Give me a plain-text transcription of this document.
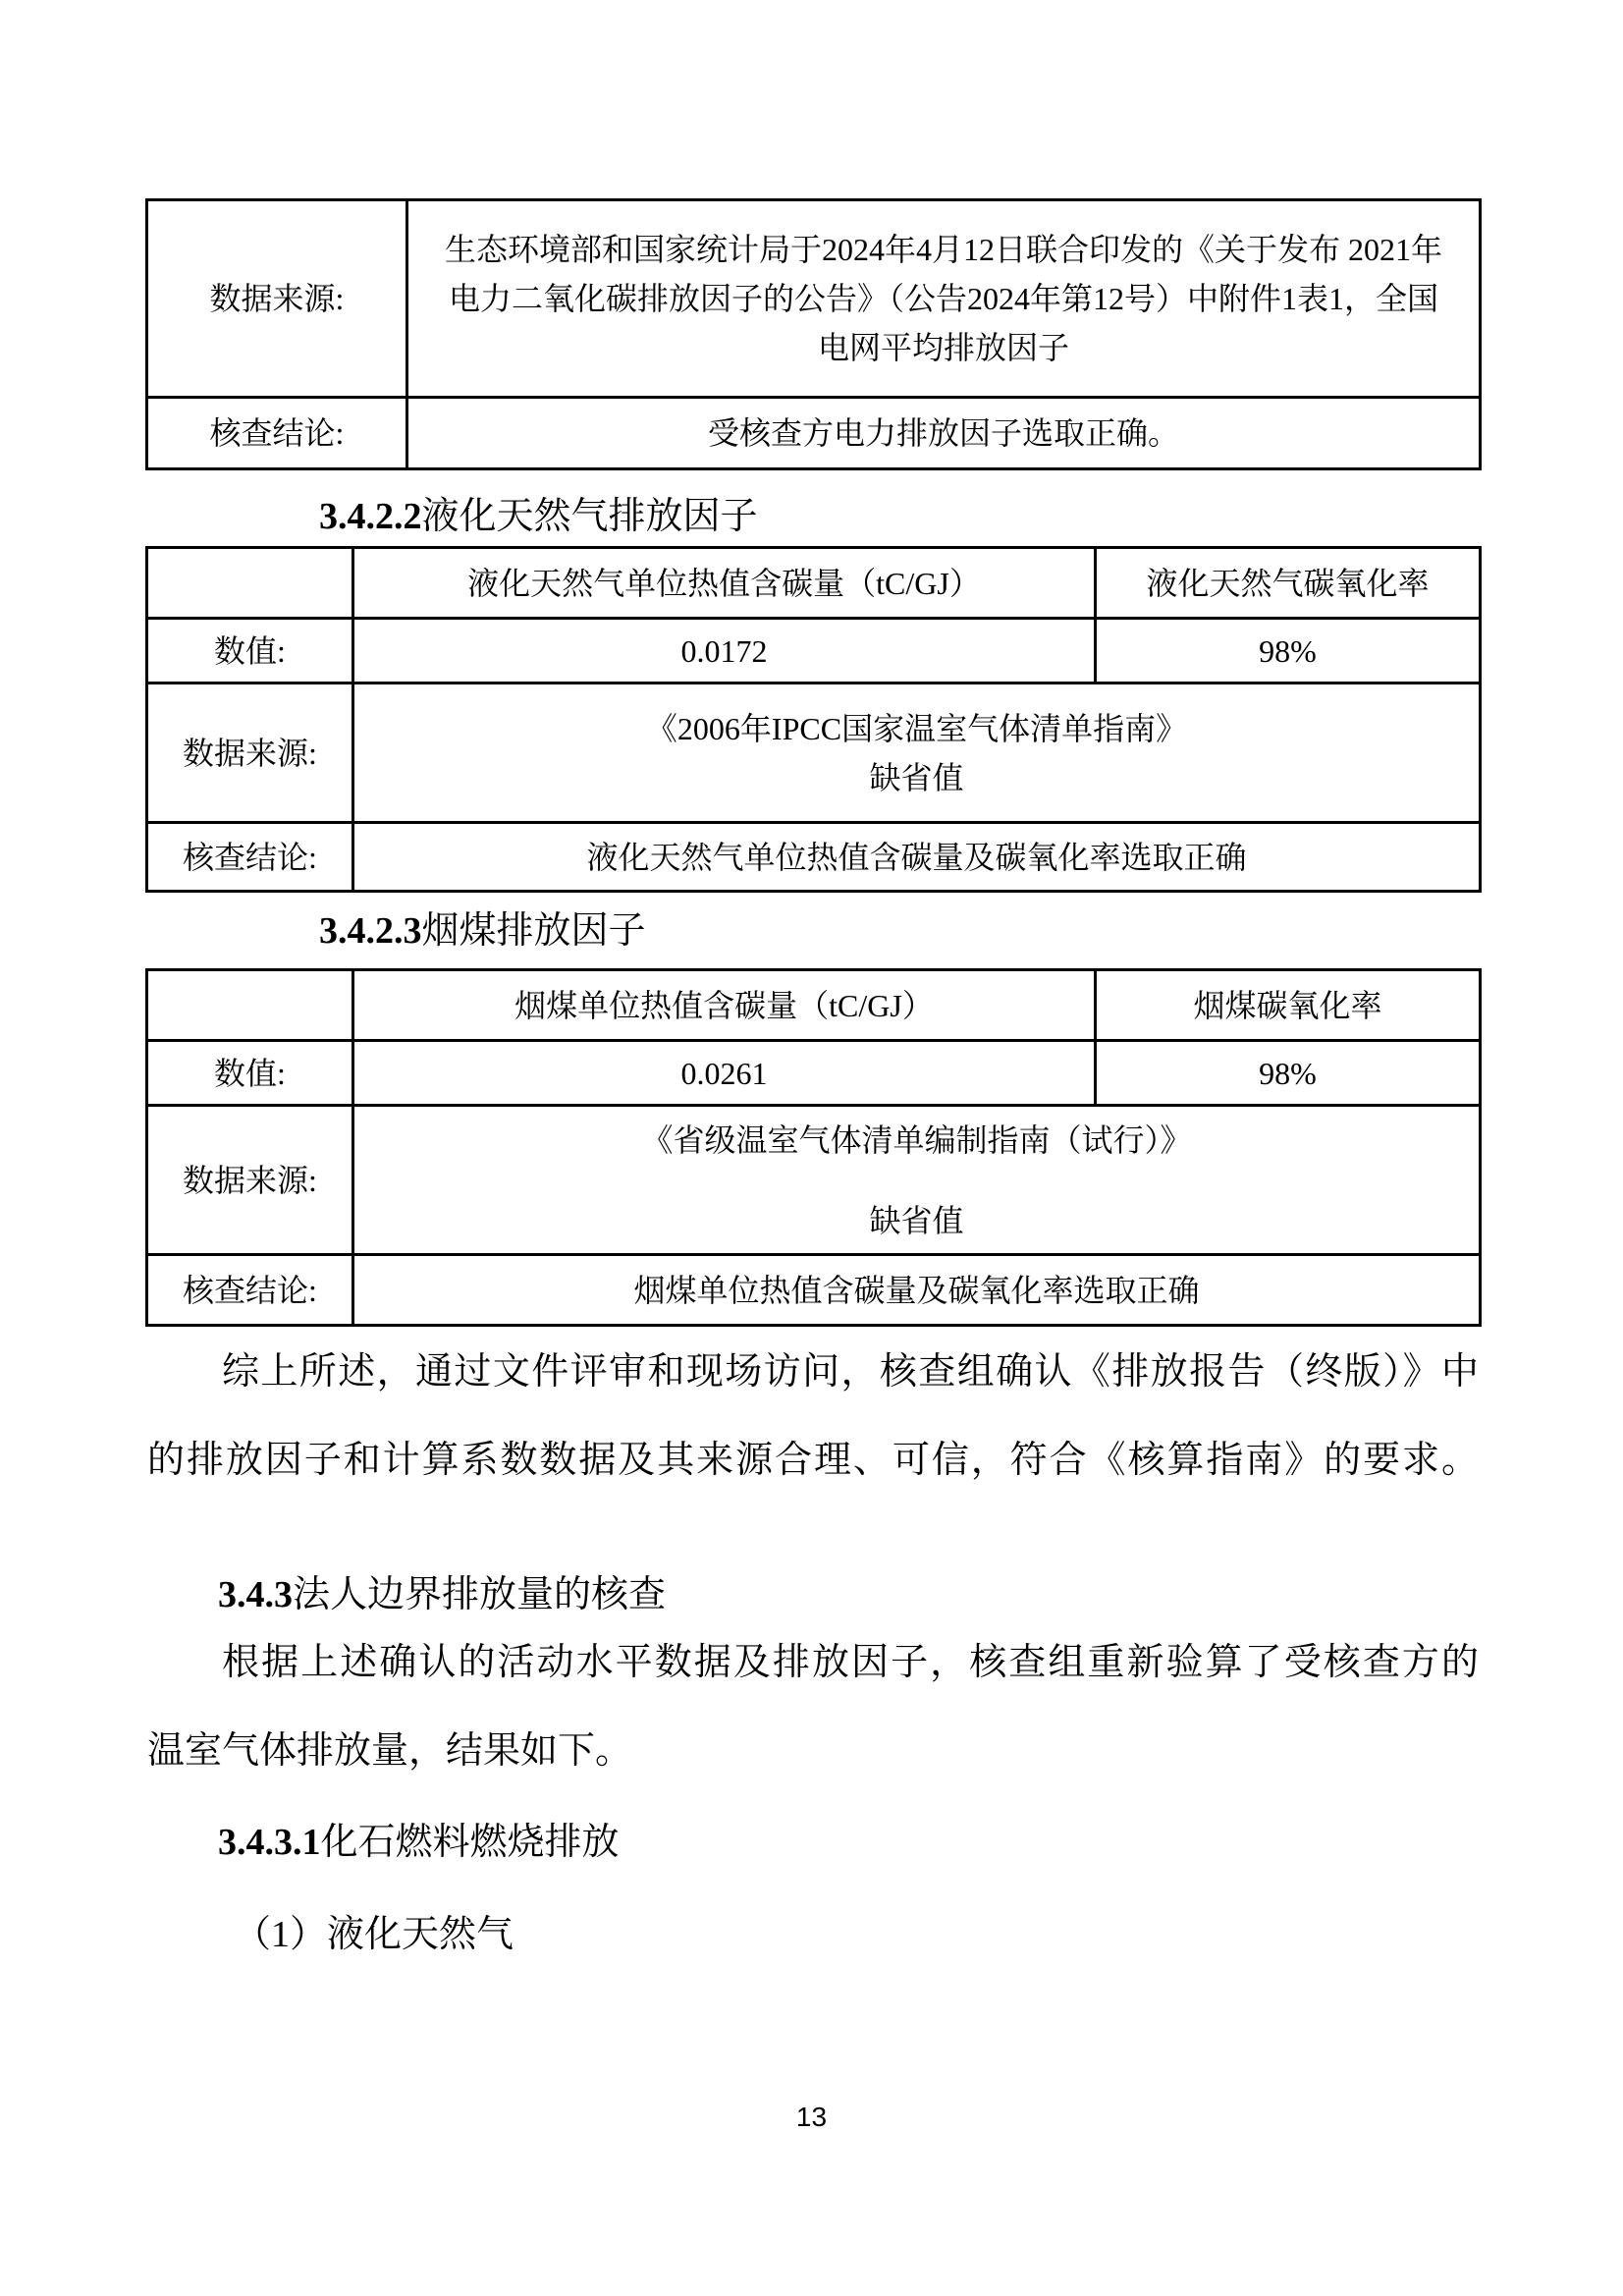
数据来源:	生态环境部和国家统计局于2024年4月12日联合印发的《关于发布 2021年
电力二氧化碳排放因子的公告》（公告2024年第12号）中附件1表1，全国
电网平均排放因子

核查结论:	受核查方电力排放因子选取正确。
3.4.2.2液化天然气排放因子
	液化天然气单位热值含碳量（tC/GJ）	液化天然气碳氧化率
数值:	0.0172	98%
数据来源:	《2006年IPCC国家温室气体清单指南》
缺省值	

核查结论:	液化天然气单位热值含碳量及碳氧化率选取正确	
3.4.2.3烟煤排放因子
	烟煤单位热值含碳量（tC/GJ）	烟煤碳氧化率
数值:	0.0261	98%
数据来源:	《省级温室气体清单编制指南（试行）》
缺省值	

核查结论:	烟煤单位热值含碳量及碳氧化率选取正确	
综上所述，通过文件评审和现场访问，核查组确认《排放报告（终版）》中
的排放因子和计算系数数据及其来源合理、可信，符合《核算指南》的要求。
3.4.3法人边界排放量的核查
根据上述确认的活动水平数据及排放因子，核查组重新验算了受核查方的
温室气体排放量，结果如下。
3.4.3.1化石燃料燃烧排放
（1）液化天然气
13
